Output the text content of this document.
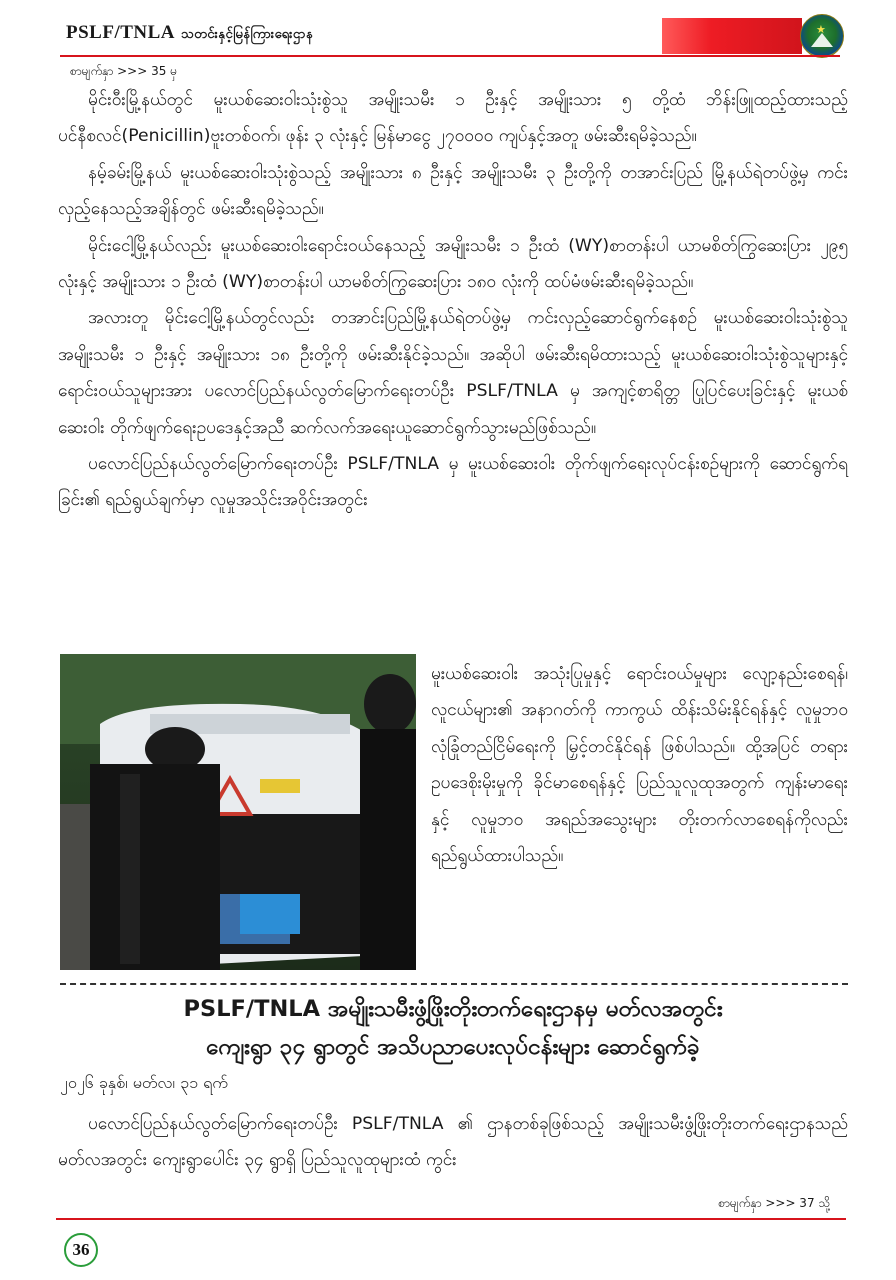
PSLF/TNLA သတင်းနှင့်မြန်ကြားရေးဌာန	★
စာမျက်နှာ >>> 35 မှ

မိုင်းဝီးမြို့နယ်တွင် မူးယစ်ဆေးဝါးသုံးစွဲသူ အမျိုးသမီး ၁ ဦးနှင့် အမျိုးသား ၅ တို့ထံ ဘိန်းဖြူထည့်ထားသည့် ပင်နီစလင်(Penicillin)ဗူးတစ်ဝက်၊ ဖုန်း ၃ လုံးနှင့် မြန်မာငွေ ၂၇၀၀၀၀ ကျပ်နှင့်အတူ ဖမ်းဆီးရမိခဲ့သည်။

နမ့်ခမ်းမြို့နယ် မူးယစ်ဆေးဝါးသုံးစွဲသည့် အမျိုးသား ၈ ဦးနှင့် အမျိုးသမီး ၃ ဦးတို့ကို တအာင်းပြည် မြို့နယ်ရဲတပ်ဖွဲ့မှ ကင်းလှည့်နေသည့်အချိန်တွင် ဖမ်းဆီးရမိခဲ့သည်။

မိုင်းငေါ့မြို့နယ်လည်း မူးယစ်ဆေးဝါးရောင်းဝယ်နေသည့် အမျိုးသမီး ၁ ဦးထံ (WY)စာတန်းပါ ယာမစိတ်ကြွဆေးပြား ၂၉၅ လုံးနှင့် အမျိုးသား ၁ ဦးထံ (WY)စာတန်းပါ ယာမစိတ်ကြွဆေးပြား ၁၈၀ လုံးကို ထပ်မံဖမ်းဆီးရမိခဲ့သည်။

အလားတူ မိုင်းငေါ့မြို့နယ်တွင်လည်း တအာင်းပြည်မြို့နယ်ရဲတပ်ဖွဲ့မှ ကင်းလှည့်ဆောင်ရွက်နေစဉ် မူးယစ်ဆေးဝါးသုံးစွဲသူ အမျိုးသမီး ၁ ဦးနှင့် အမျိုးသား ၁၈ ဦးတို့ကို ဖမ်းဆီးနိုင်ခဲ့သည်။ အဆိုပါ ဖမ်းဆီးရမိထားသည့် မူးယစ်ဆေးဝါးသုံးစွဲသူများနှင့် ရောင်းဝယ်သူများအား ပလောင်ပြည်နယ်လွတ်မြောက်ရေးတပ်ဦး PSLF/TNLA မှ အကျင့်စာရိတ္တ ပြုပြင်ပေးခြင်းနှင့် မူးယစ်ဆေးဝါး တိုက်ဖျက်ရေးဥပဒေနှင့်အညီ ဆက်လက်အရေးယူဆောင်ရွက်သွားမည်ဖြစ်သည်။

ပလောင်ပြည်နယ်လွတ်မြောက်ရေးတပ်ဦး PSLF/TNLA မှ မူးယစ်ဆေးဝါး တိုက်ဖျက်ရေးလုပ်ငန်းစဉ်များကို ဆောင်ရွက်ရခြင်း၏ ရည်ရွယ်ချက်မှာ လူမှုအသိုင်းအဝိုင်းအတွင်း

မူးယစ်ဆေးဝါး အသုံးပြုမှုနှင့် ရောင်းဝယ်မှုများ လျော့နည်းစေရန်၊ လူငယ်များ၏ အနာဂတ်ကို ကာကွယ် ထိန်းသိမ်းနိုင်ရန်နှင့် လူမှုဘဝ လုံခြုံတည်ငြိမ်ရေးကို မြှင့်တင်နိုင်ရန် ဖြစ်ပါသည်။ ထို့အပြင် တရားဥပဒေစိုးမိုးမှုကို ခိုင်မာစေရန်နှင့် ပြည်သူလူထုအတွက် ကျန်းမာရေးနှင့် လူမှုဘဝ အရည်အသွေးများ တိုးတက်လာစေရန်ကိုလည်း ရည်ရွယ်ထားပါသည်။

PSLF/TNLA အမျိုးသမီးဖွံ့ဖြိုးတိုးတက်ရေးဌာနမှ မတ်လအတွင်း
ကျေးရွာ ၃၄ ရွာတွင် အသိပညာပေးလုပ်ငန်းများ ဆောင်ရွက်ခဲ့
၂၀၂၆ ခုနှစ်၊ မတ်လ၊ ၃၁ ရက်

ပလောင်ပြည်နယ်လွတ်မြောက်ရေးတပ်ဦး PSLF/TNLA ၏ ဌာနတစ်ခုဖြစ်သည့် အမျိုးသမီးဖွံ့ဖြိုးတိုးတက်ရေးဌာနသည် မတ်လအတွင်း ကျေးရွာပေါင်း ၃၄ ရွာရှိ ပြည်သူလူထုများထံ ကွင်း

စာမျက်နှာ >>> 37 သို့
36
